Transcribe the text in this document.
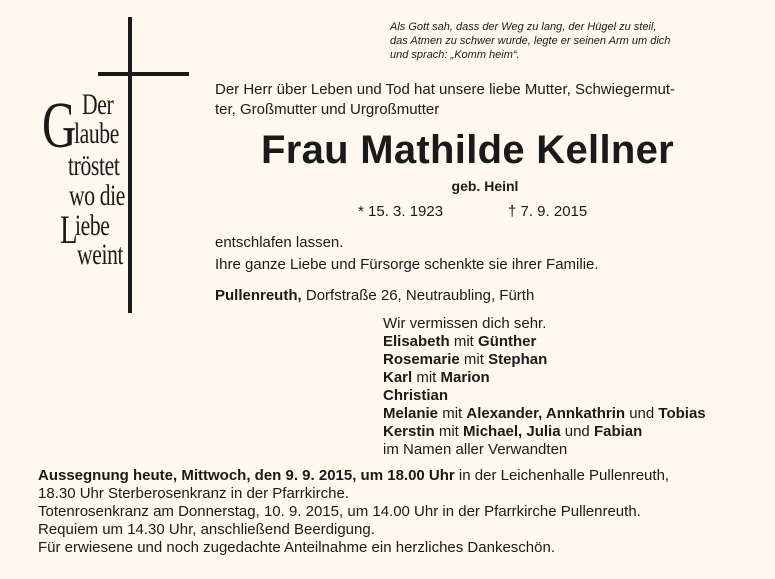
Als Gott sah, dass der Weg zu lang, der Hügel zu steil,
das Atmen zu schwer wurde, legte er seinen Arm um dich
und sprach: „Komm heim“.
G Der
laube
tröstet
wo die
L
iebe
weint
Der Herr über Leben und Tod hat unsere liebe Mutter, Schwiegermut-
ter, Großmutter und Urgroßmutter
Frau Mathilde Kellner
geb. Heinl
* 15. 3. 1923	† 7. 9. 2015
entschlafen lassen.
Ihre ganze Liebe und Fürsorge schenkte sie ihrer Familie.
Pullenreuth, Dorfstraße 26, Neutraubling, Fürth
Wir vermissen dich sehr.
Elisabeth mit Günther
Rosemarie mit Stephan
Karl mit Marion
Christian
Melanie mit Alexander, Annkathrin und Tobias
Kerstin mit Michael, Julia und Fabian
im Namen aller Verwandten
Aussegnung heute, Mittwoch, den 9. 9. 2015, um 18.00 Uhr in der Leichenhalle Pullenreuth,
18.30 Uhr Sterberosenkranz in der Pfarrkirche.
Totenrosenkranz am Donnerstag, 10. 9. 2015, um 14.00 Uhr in der Pfarrkirche Pullenreuth.
Requiem um 14.30 Uhr, anschließend Beerdigung.
Für erwiesene und noch zugedachte Anteilnahme ein herzliches Dankeschön.
